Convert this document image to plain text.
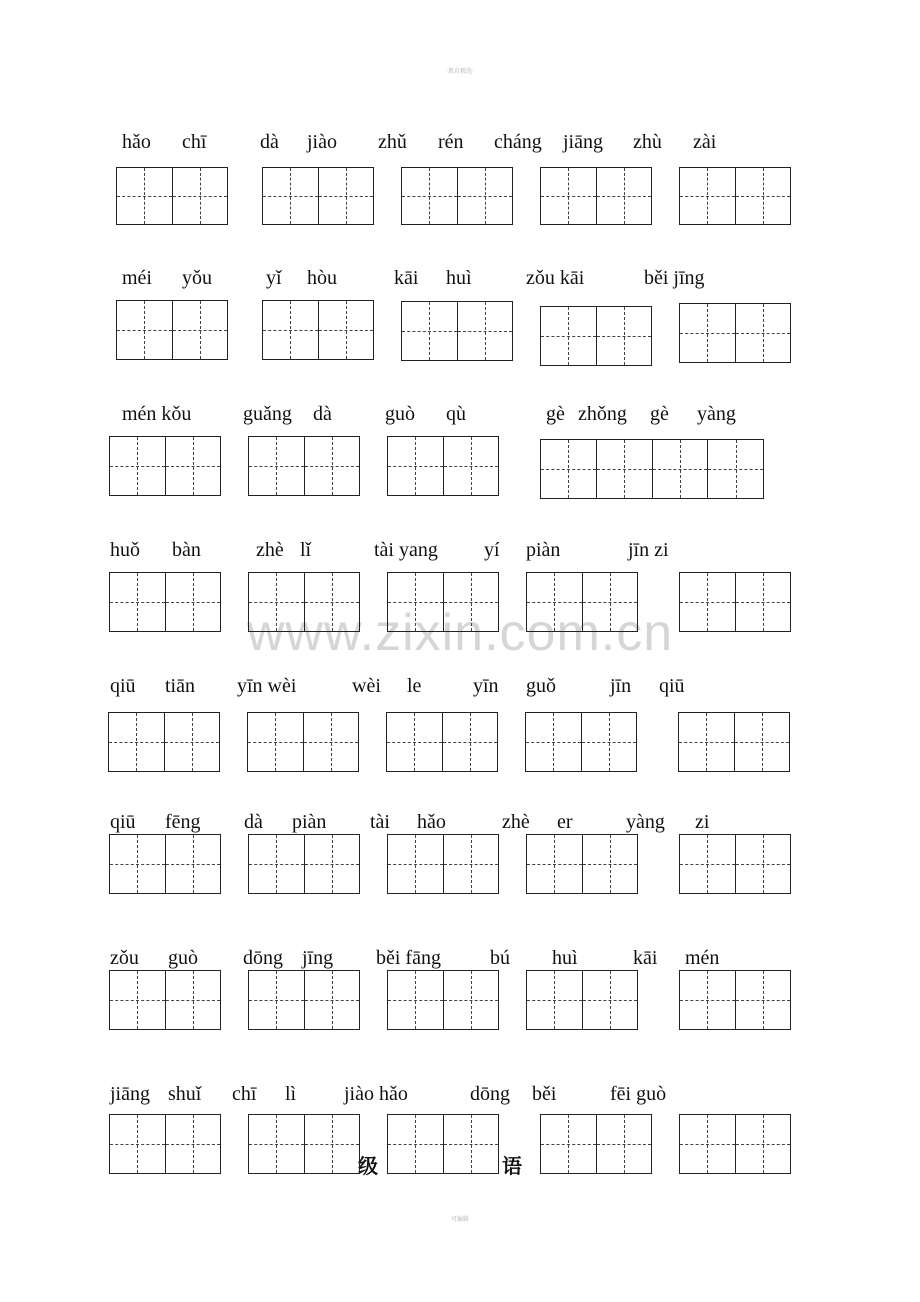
·教育精选·
www.zixin.com.cn
hǎo chī	dà jiào zhǔ rén cháng jiāng zhù zài
méi yǒu	yǐ hòu	kāi huì	zǒu kāi	běi jīng
mén kǒu	guǎng dà	guò qù	gè zhǒng gè yàng
huǒ bàn	zhè lǐ	tài yang yí piàn	jīn zi
qiū tiān yīn wèi	wèi le	yīn guǒ	jīn qiū
qiū fēng dà piàn tài hǎo	zhè er	yàng zi
zǒu guò dōng jīng běi fāng bú huì	kāi mén
jiāng shuǐ chī lì jiào hǎo	dōng běi	fēi guò
级	语
可编辑
